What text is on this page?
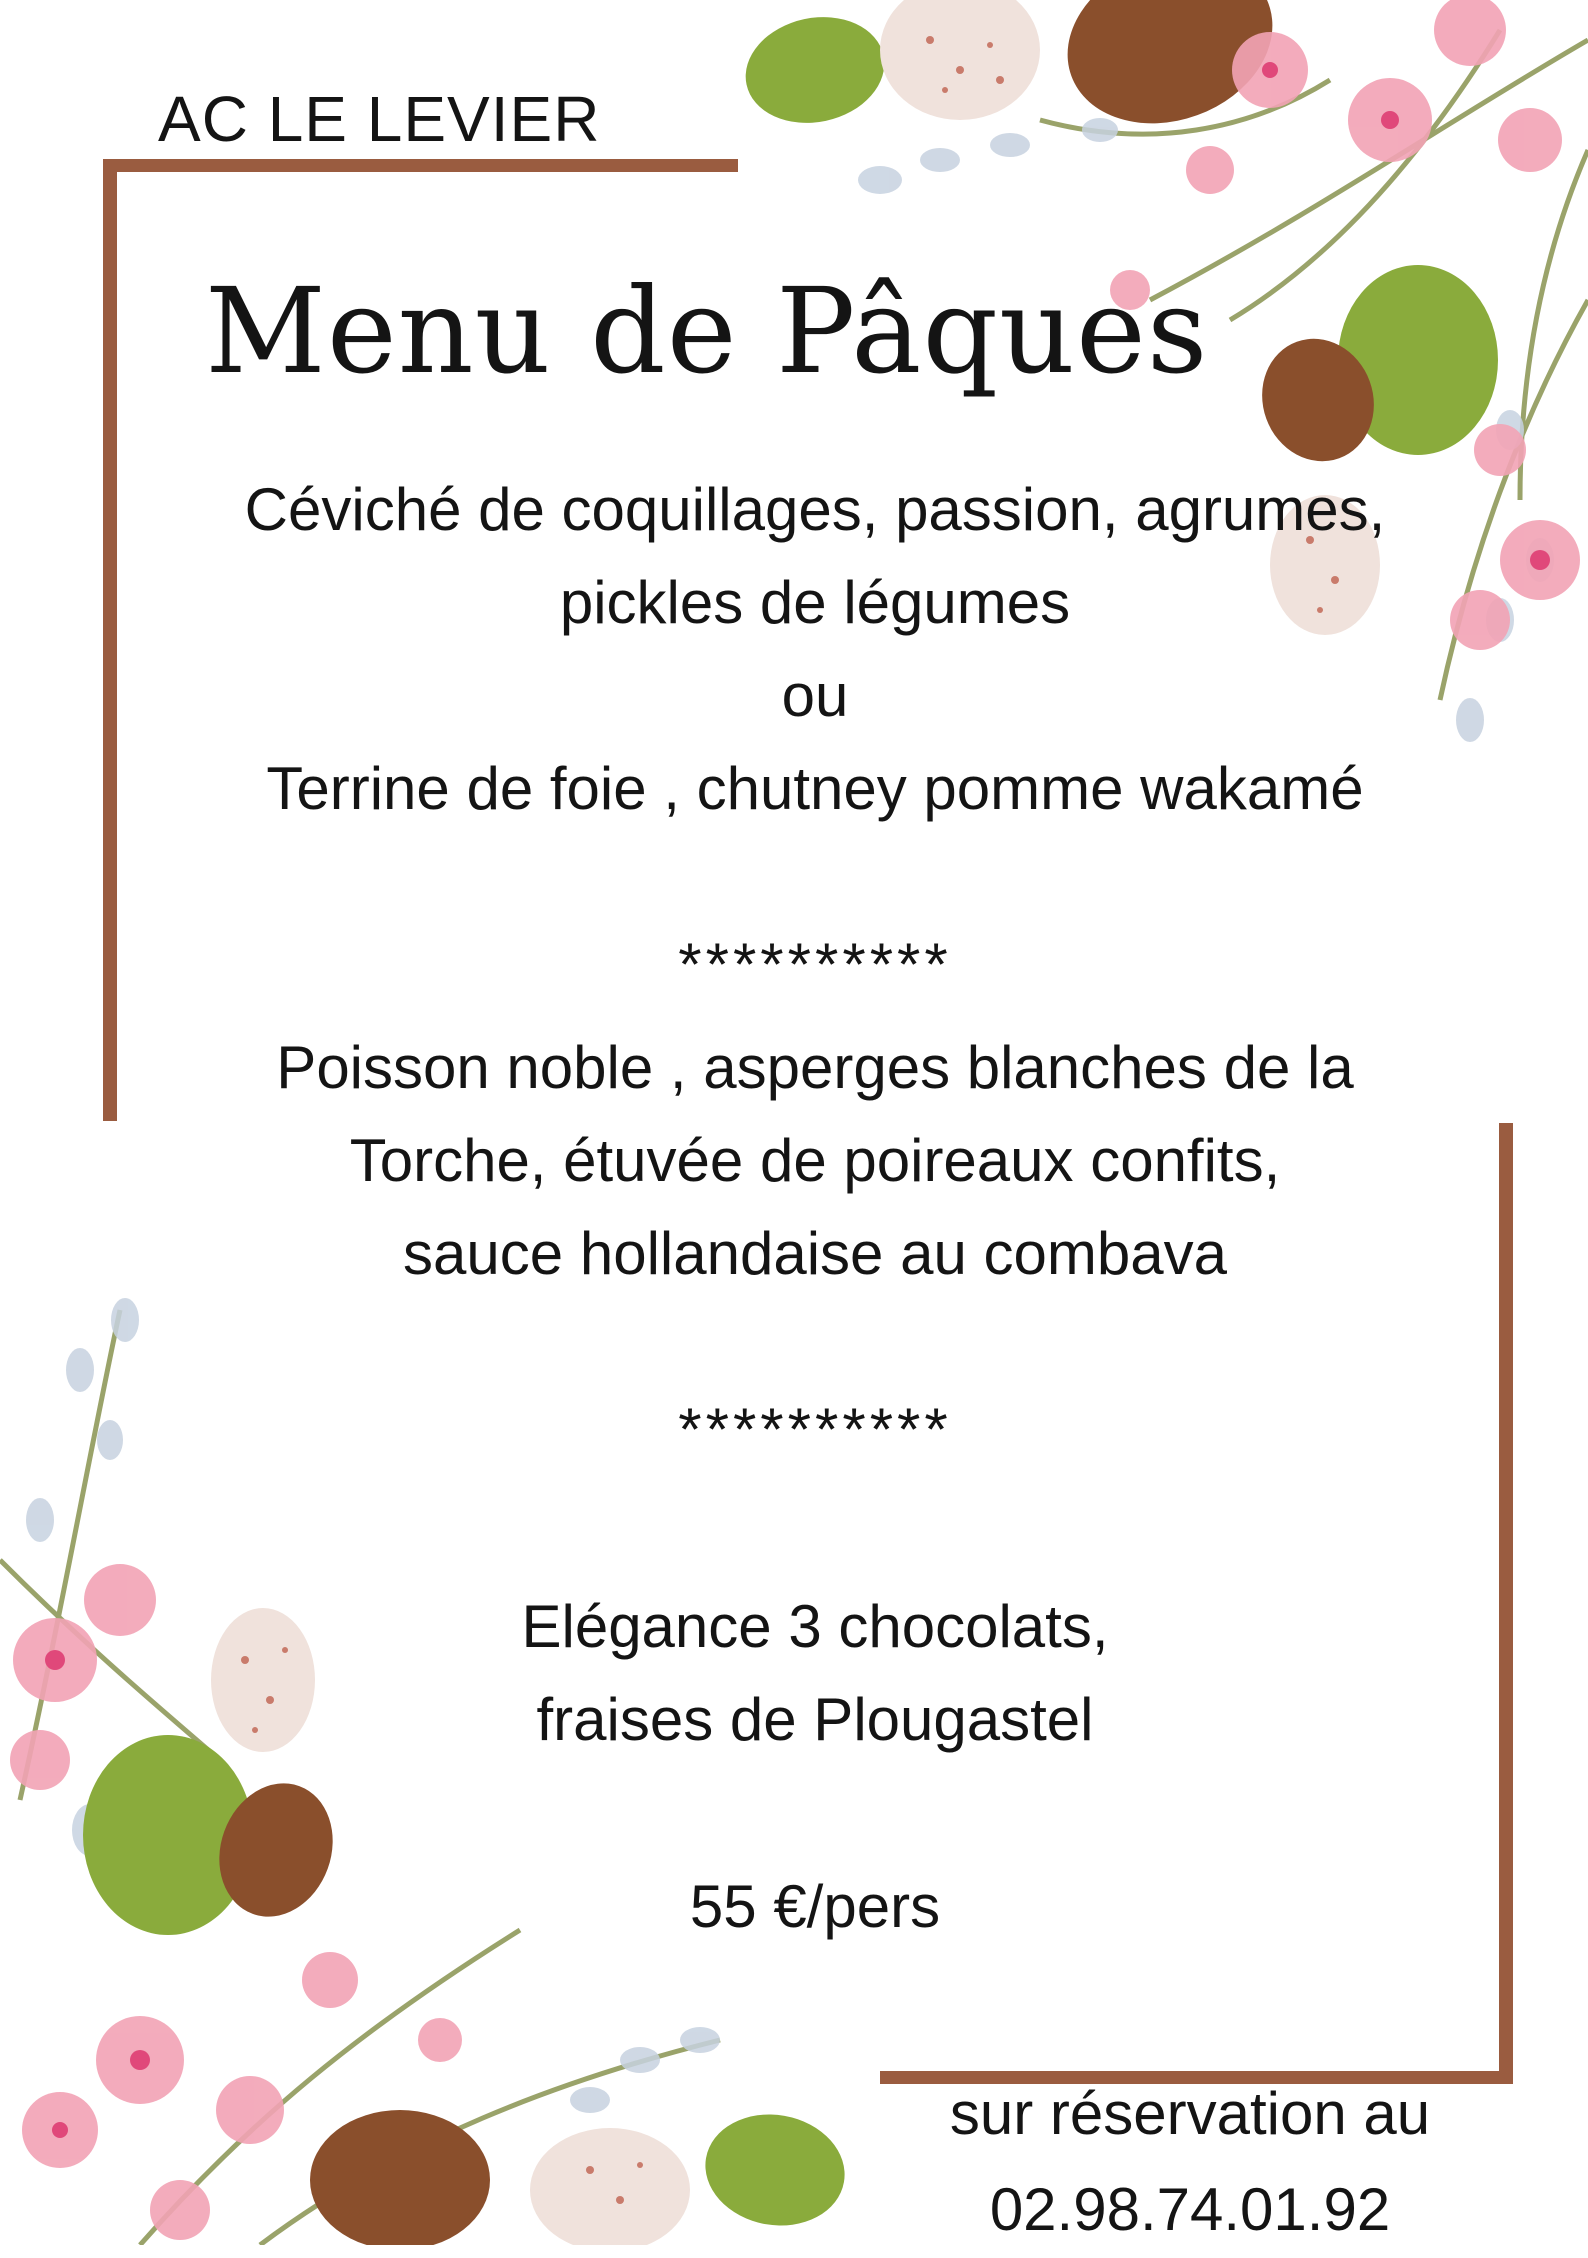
AC LE LEVIER
Menu de Pâques
Céviché de coquillages, passion, agrumes,
pickles de légumes
ou
Terrine de foie , chutney pomme wakamé
**********
Poisson noble , asperges blanches de la
Torche, étuvée de poireaux confits,
sauce hollandaise au combava
**********
Elégance 3 chocolats,
fraises de Plougastel
55 €/pers
sur réservation au
02.98.74.01.92
